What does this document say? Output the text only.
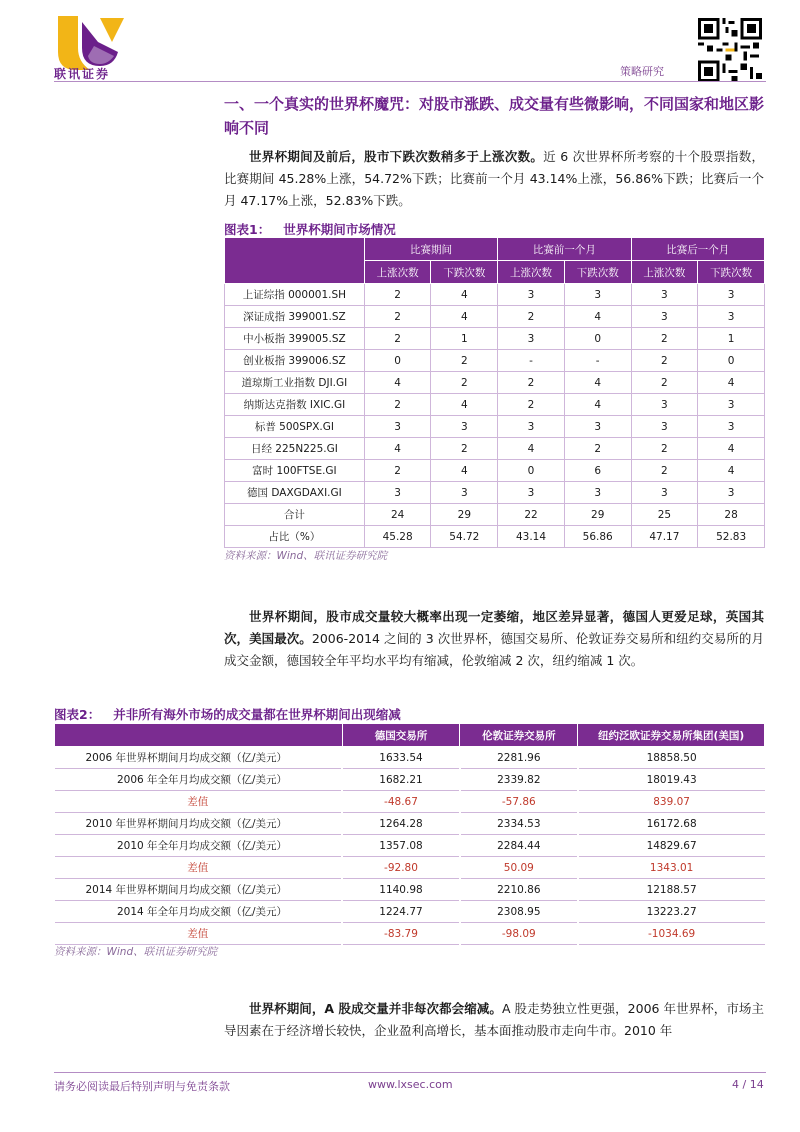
联讯证券	策略研究
一、一个真实的世界杯魔咒：对股市涨跌、成交量有些微影响，不同国家和地区影响不同

世界杯期间及前后，股市下跌次数稍多于上涨次数。近 6 次世界杯所考察的十个股票指数，比赛期间 45.28%上涨，54.72%下跌；比赛前一个月 43.14%上涨，56.86%下跌；比赛后一个月 47.17%上涨，52.83%下跌。

图表1： 世界杯期间市场情况
	比赛期间		比赛前一个月		比赛后一个月	
	上涨次数	下跌次数	上涨次数	下跌次数	上涨次数	下跌次数
上证综指 000001.SH	2	4	3	3	3	3
深证成指 399001.SZ	2	4	2	4	3	3
中小板指 399005.SZ	2	1	3	0	2	1
创业板指 399006.SZ	0	2	-	-	2	0
道琼斯工业指数 DJI.GI	4	2	2	4	2	4
纳斯达克指数 IXIC.GI	2	4	2	4	3	3
标普 500SPX.GI	3	3	3	3	3	3
日经 225N225.GI	4	2	4	2	2	4
富时 100FTSE.GI	2	4	0	6	2	4
德国 DAXGDAXI.GI	3	3	3	3	3	3
合计	24	29	22	29	25	28
占比（%）	45.28	54.72	43.14	56.86	47.17	52.83
资料来源：Wind、联讯证券研究院

世界杯期间，股市成交量较大概率出现一定萎缩，地区差异显著，德国人更爱足球，英国其次，美国最次。2006-2014 之间的 3 次世界杯，德国交易所、伦敦证券交易所和纽约交易所的月成交金额，德国较全年平均水平均有缩减，伦敦缩减 2 次，纽约缩减 1 次。

图表2： 并非所有海外市场的成交量都在世界杯期间出现缩减
	德国交易所	伦敦证券交易所	纽约泛欧证券交易所集团(美国)
2006 年世界杯期间月均成交额（亿/美元）	1633.54	2281.96	18858.50
2006 年全年月均成交额（亿/美元）	1682.21	2339.82	18019.43
差值	-48.67	-57.86	839.07
2010 年世界杯期间月均成交额（亿/美元）	1264.28	2334.53	16172.68
2010 年全年月均成交额（亿/美元）	1357.08	2284.44	14829.67
差值	-92.80	50.09	1343.01
2014 年世界杯期间月均成交额（亿/美元）	1140.98	2210.86	12188.57
2014 年全年月均成交额（亿/美元）	1224.77	2308.95	13223.27
差值	-83.79	-98.09	-1034.69
资料来源：Wind、联讯证券研究院

世界杯期间，A 股成交量并非每次都会缩减。A 股走势独立性更强，2006 年世界杯，市场主导因素在于经济增长较快，企业盈利高增长，基本面推动股市走向牛市。2010 年

请务必阅读最后特别声明与免责条款	www.lxsec.com	4 / 14
